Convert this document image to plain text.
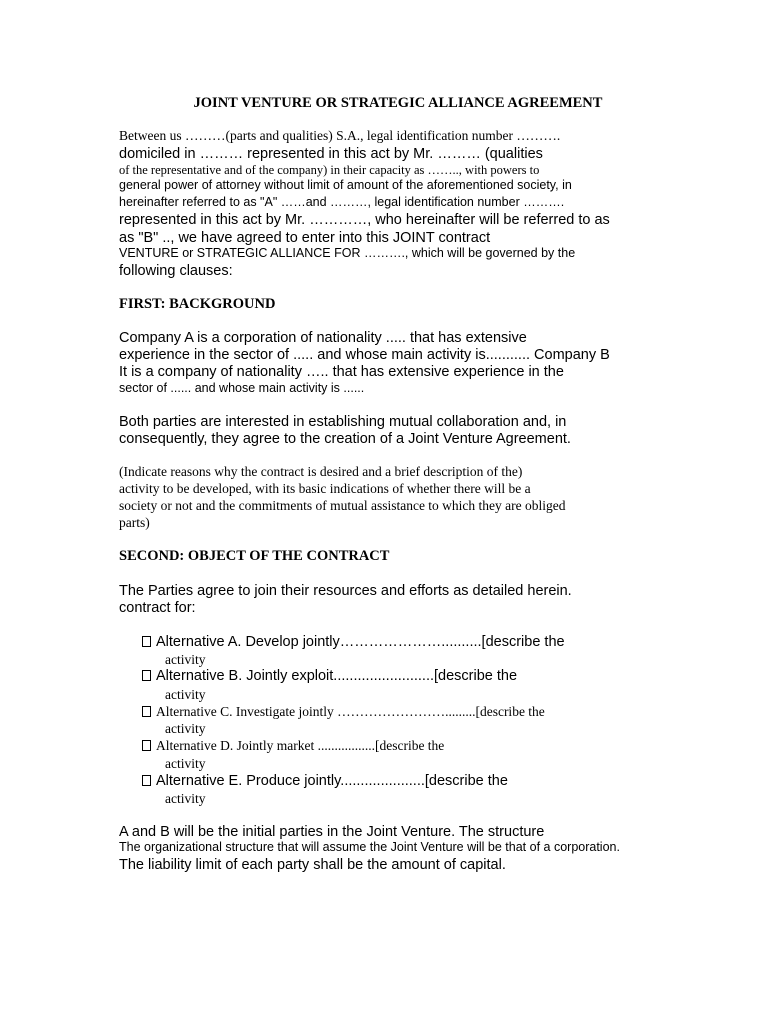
JOINT VENTURE OR STRATEGIC ALLIANCE AGREEMENT
Between us ………(parts and qualities) S.A., legal identification number ……….
domiciled in ……… represented in this act by Mr. ……… (qualities
of the representative and of the company) in their capacity as …….., with powers to
general power of attorney without limit of amount of the aforementioned society, in
hereinafter referred to as "A" ……and ………, legal identification number ……….
represented in this act by Mr. …………, who hereinafter will be referred to as
as "B" .., we have agreed to enter into this JOINT contract
VENTURE or STRATEGIC ALLIANCE FOR ………., which will be governed by the
following clauses:
FIRST: BACKGROUND
Company A is a corporation of nationality ..... that has extensive
experience in the sector of ..... and whose main activity is........... Company B
It is a company of nationality ….. that has extensive experience in the
sector of ...... and whose main activity is ......
Both parties are interested in establishing mutual collaboration and, in
consequently, they agree to the creation of a Joint Venture Agreement.
(Indicate reasons why the contract is desired and a brief description of the)
activity to be developed, with its basic indications of whether there will be a
society or not and the commitments of mutual assistance to which they are obliged
parts)
SECOND: OBJECT OF THE CONTRACT
The Parties agree to join their resources and efforts as detailed herein.
contract for:
Alternative A. Develop jointly…………………..........[describe the
activity
Alternative B. Jointly exploit.........................[describe the
activity
Alternative C. Investigate jointly …………………….........[describe the
activity
Alternative D. Jointly market .................[describe the
activity
Alternative E. Produce jointly.....................[describe the
activity
A and B will be the initial parties in the Joint Venture. The structure
The organizational structure that will assume the Joint Venture will be that of a corporation.
The liability limit of each party shall be the amount of capital.
